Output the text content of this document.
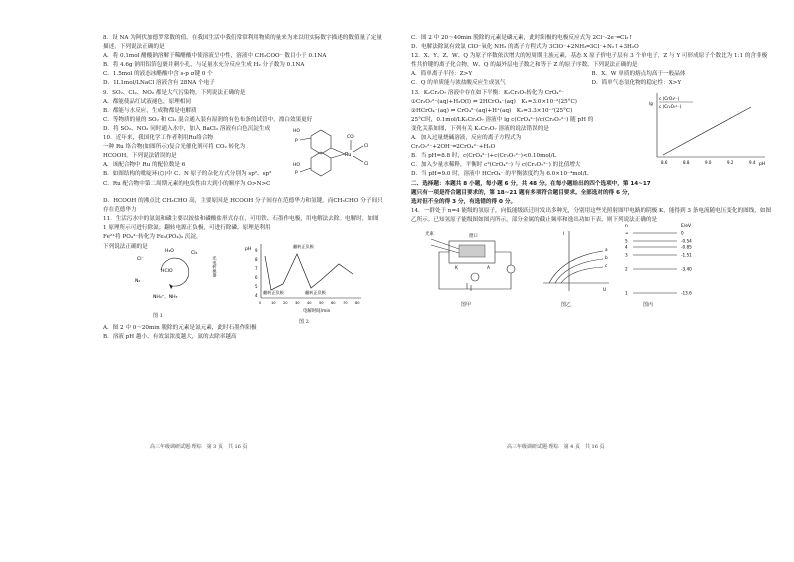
8．设 NA 为阿伏加德罗常数的值，在我国生活中我们常常利用物质的量来为来以用实际数字描述的数值量了定量描述，下列说法正确的是
A．将 0.1mol 醋酸钠溶解于稀醋酸中使溶液呈中性，溶液中 CH₃COO⁻ 数目小于 0.1NA
B．将 4.6g 钠用铝箔包裹并刺小孔，与足量水充分反应生成 H₂ 分子数为 0.1NA
C．1.5mol 的液态冰醋酸中含 s-p σ键 0 个
D．1L1mol/LNaCl 溶液含有 28NA 个电子
9．SO₂、Cl₂、NO₂ 都是大气污染物，下列说法正确的是
A．都能使品红试液褪色，原理相同
B．都能与水反应，生成物都是电解质
C．等物质的量的 SO₂ 和 Cl₂ 混合通入装有湿润的有色布条的试管中，漂白效果更好
D．将 SO₂、NO₂ 同时通入水中，加入 BaCl₂ 溶液有白色沉淀生成
10．近年来，我国化学工作者利用Ru络合物
一种 Ru 络合物(如图所示)复合光催化剂可将 CO₂ 转化为
HCOOH。下列说法错误的是
A．该配合物中 Ru 的配位数是 6
B．如图结构的吡啶环(⬡)中 C、N 原子的杂化方式分别为 sp²、sp³
C．Ru 配合物中第二周期元素的电负性由大到小的顺序为 O>N>C
Ru
Cl
Cl
CO
HO
P
HO
P
D．HCOOH 的沸点比 CH₃CHO 高，主要原因是 HCOOH 分子间存在范德华力和氢键，而CH₃CHO 分子间只存在范德华力
11．生活污水中的氨氮和磷主要以铵盐和磷酸盐形式存在，可用铁、石墨作电极，用电解法去除。电解时，如图 1 原理所示可进行除氮；翻转电源正负极，可进行除磷，原理是利用
Fe²⁺将 PO₄³⁻转化为 Fe₃(PO₄)₂ 沉淀。
下列说法正确的是
H₂O	Cl₂
Cl⁻
HClO
N₂
NH₄⁺、NH₃
光电转换器
图 1
pH 9
8
7
6
5
4
0	10 20 30 40 50 60 70 80
翻转正负极
翻转正负极	翻转正负极
电解时间/min
图 2
A．图 2 中 0～20min 脱除的元素是氮元素，此时石墨作阳极
B．溶液 pH 越小、有效氯浓度越大，氮的去除率越高
高三年级调研试题·理综　第 3 页　共 16 页
C．图 2 中 20～40min 脱除的元素是磷元素，此时阳极的电极反应式为 2Cl⁻-2e⁻═Cl₂↑
D．电解法除氮有效氯 ClO⁻氧化 NH₃ 的离子方程式为 3ClO⁻+2NH₃═3Cl⁻+N₂↑+3H₂O
12．X、Y、Z、W、Q 为原子序数依次增大的短周期主族元素，基态 X 原子价电子层有 3 个单电子，Z 与 Y 可形成原子个数比为 1:1 的含非极性共价键的离子化合物，W、Q 的最外层电子数之和等于 Z 的原子序数，下列说法正确的是
A．简单离子半径：Z>Y	B．X、W 单质的熔点均高于一般晶体
C．Q 的单质能与浓盐酸反应生成氢气	D．简单气态氢化物的稳定性：X>Y
13．K₂Cr₂O₇ 溶液中存在如下平衡：K₂Cr₂O₇转化为 CrO₄²⁻
①Cr₂O₇²⁻(aq)+H₂O(l) ⇌ 2HCrO₄⁻(aq)　K₁=3.0×10⁻²(25°C)
②HCrO₄⁻(aq) ⇌ CrO₄²⁻(aq)+H⁺(aq)　K₂=3.3×10⁻⁷(25°C)
25°C时，0.1mol/LK₂Cr₂O₇ 溶液中 lg c(CrO₄²⁻)/c(Cr₂O₇²⁻) 随 pH 的
变化关系如图，下列有关 K₂Cr₂O₇ 溶液的说法错误的是
A．加入过量烧碱溶液，反应的离子方程式为
Cr₂O₇²⁻+2OH⁻═2CrO₄²⁻+H₂O
B．当 pH=8.8 时，c(CrO₄²⁻)+c(Cr₂O₇²⁻)<0.10mol/L
C．加入少量水稀释，平衡时 c²(CrO₄²⁻) 与 c(Cr₂O₇²⁻) 的比值增大
D．当 pH=9.0 时，溶液中 HCrO₄⁻ 的平衡浓度约为 6.0×10⁻⁴mol/L
lg
c (CrO₄²⁻)
c (Cr₂O₇²⁻)
8.6	8.8	9.0	9.2	9.4 pH
二、选择题：本题共 8 小题，每小题 6 分，共 48 分。在每小题给出的四个选项中，第 14~17
题只有一项是符合题目要求的，第 18~21 题有多项符合题目要求。全部选对的得 6 分，
选对但不全的得 3 分，有选错的得 0 分。
14．一群处于 n=4 能级的氢原子，向低能级跃迁时发出多种光，分别用这些光照射图甲电路的阴极 K，能得到 3 条电流随电压变化的图线，如图乙所示。已知氢原子能级图如图丙所示，部分金属的截止频率和逸出功如下表，则下列说法正确的是
光束	窗口
K	A
图甲
I
U
a
b
c
图乙
n	E/eV
∞	0
5	-0.54
4	-0.85
3	-1.51
2	-3.40
1	-13.6
图丙
高三年级调研试题·理综　第 4 页　共 16 页
